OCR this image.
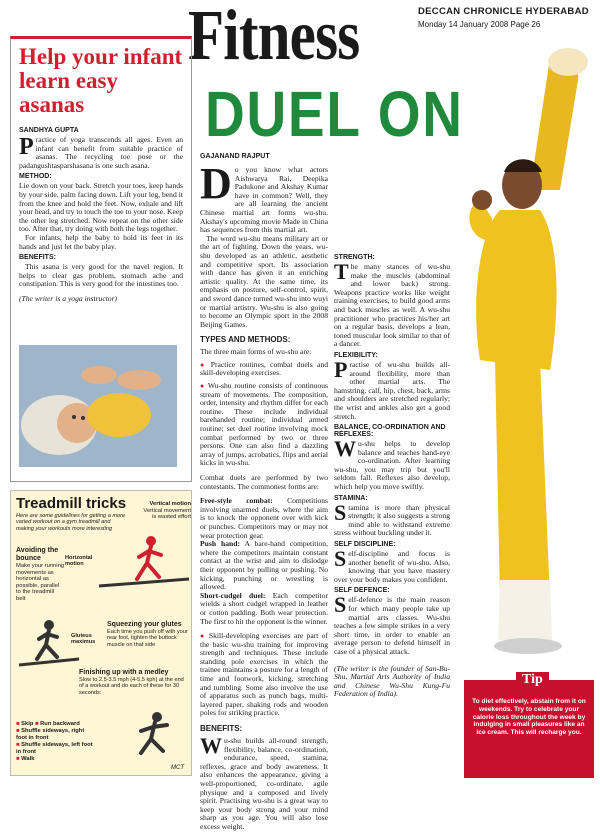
Fitness	DECCAN CHRONICLE HYDERABAD
Monday 14 January 2008 Page 26
DUEL ON
Help your infant learn easy asanas
SANDHYA GUPTA
Practice of yoga transcends all ages. Even an infant can benefit from suitable practice of asanas. The recycling toe pose or the padangushtasparshasana is one such asana.
METHOD:
Lie down on your back. Stretch your toes, keep hands by your side, palm facing down. Lift your leg, bend it from the knee and hold the feet. Now, exhale and lift your head, and try to touch the toe to your nose. Keep the other leg stretched. Now repeat on the other side too. After that, try doing with both the legs together.
For infants, help the baby to hold its feet in its hands and just let the baby play.
BENEFITS:
This asana is very good for the navel region. It helps to clear gas problem, stomach ache and constipation. This is very good for the intestines too.
(The writer is a yoga instructor)
Treadmill tricks
Here are some guidelines for getting a more varied workout on a gym treadmill and making your workouts more interesting
Vertical motion
Vertical movement is wasted effort
Avoiding the bounce
Make your running movements as horizontal as possible, parallel to the treadmill belt
Horizontal motion
Gluteus maximus
Squeezing your glutes
Each time you push off with your rear foot, tighten the buttock muscle on that side
Finishing up with a medley
Slow to 2.5-3.5 mph (4-5.5 kph) at the end of a workout and do each of these for 30 seconds:
■ Skip ■ Run backward
■ Shuffle sideways, right foot in front
■ Shuffle sideways, left foot in front
■ Walk
MCT
GAJANAND RAJPUT
Do you know what actors Aishwarya Rai, Deepika Padukone and Akshay Kumar have in common? Well, they are all learning the ancient Chinese martial art forms wu-shu. Akshay's upcoming movie Made in China has sequences from this martial art.
The word wu-shu means military art or the art of fighting. Down the years, wu-shu developed as an athletic, aesthetic and competitive sport. Its association with dance has given it an enriching artistic quality. At the same time, its emphasis on posture, self-control, spirit, and sword dance turned wu-shu into wuyi or martial artistry. Wu-shu is also going to become an Olympic sport in the 2008 Beijing Games.
TYPES AND METHODS:
The three main forms of wu-shu are:
● Practice routines, combat duels and skill-developing exercises.
● Wu-shu routine consists of continuous stream of movements. The composition, order, intensity and rhythm differ for each routine. These include individual barehanded routine; individual armed routine; set duel routine involving mock combat performed by two or three persons. One can also find a dazzling array of jumps, acrobatics, flips and aerial kicks in wu-shu.
Combat duels are performed by two contestants. The commonest forms are:
Free-style combat: Competitions involving unarmed duels, where the aim is to knock the opponent over with kick or punches. Competitors may or may not wear protection gear.
Push hand: A bare-hand competition, where the competitors maintain constant contact at the wrist and aim to dislodge their opponent by pulling or pushing. No kicking, punching or wrestling is allowed.
Short-cudgel duel: Each competitor wields a short cudgel wrapped in leather or cotton padding. Both wear protection. The first to hit the opponent is the winner.
● Skill-developing exercises are part of the basic wu-shu training for improving strength and techniques. These include standing pole exercises in which the trainee maintains a posture for a length of time and footwork, kicking, stretching and tumbling. Some also involve the use of apparatus such as punch bags, multi-layered paper, shaking rods and wooden poles for striking practice.
BENEFITS:
Wu-shu builds all-round strength, flexibility, balance, co-ordination, endurance, speed, stamina, reflexes, grace and body awareness. It also enhances the appearance, giving a well-proportioned, co-ordinate, agile physique and a composed and lively spirit. Practising wu-shu is a great way to keep your body strong and your mind sharp as you age. You will also lose excess weight.
STRENGTH:
The many stances of wu-shu make the muscles (abdominal and lower back) strong. Weapons practice works like weight training exercises, to build good arms and back muscles as well. A wu-shu practitioner who practices his/her art on a regular basis, develops a lean, toned muscular look similar to that of a dancer.
FLEXIBILITY:
Practise of wu-shu builds all-around flexibility, more than other martial arts. The hamstring, calf, hip, chest, back, arms and shoulders are stretched regularly; the wrist and ankles also get a good stretch.
BALANCE, CO-ORDINATION AND REFLEXES:
Wu-shu helps to develop balance and teaches hand-eye co-ordination. After learning wu-shu, you may trip but you'll seldom fall. Reflexes also develop, which help you move swiftly.
STAMINA:
Stamina is more than physical strength; it also suggests a strong mind able to withstand extreme stress without buckling under it.
SELF DISCIPLINE:
Self-discipline and focus is another benefit of wu-shu. Also, knowing that you have mastery over your body makes you confident.
SELF DEFENCE:
Self-defence is the main reason for which many people take up martial arts classes. Wu-shu teaches a few simple strikes in a very short time, in order to enable an average person to defend himself in case of a physical attack.
(The writer is the founder of San-Bu-Shu, Martial Arts Authority of India and Chinese Wu-Shu Kung-Fu Federation of India).
Tip
To diet effectively, abstain from it on weekends. Try to celebrate your calorie loss throughout the week by indulging in small pleasures like an ice cream. This will recharge you.
